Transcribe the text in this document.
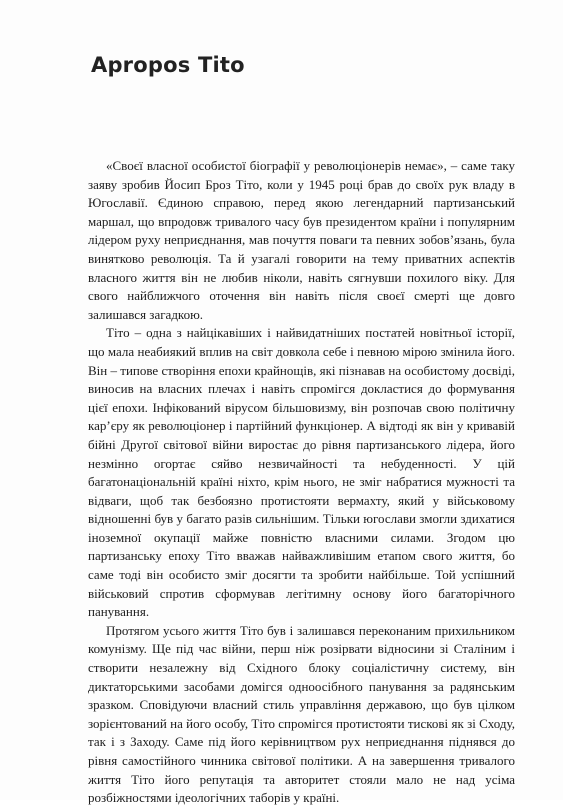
Apropos Tito

«Своєї власної особистої біографії у революціонерів немає», – саме таку заяву зробив Йосип Броз Тіто, коли у 1945 році брав до своїх рук владу в Югославії. Єдиною справою, перед якою легендарний партизанський маршал, що впродовж тривалого часу був президентом країни і популярним лідером руху неприєднання, мав почуття поваги та певних зобов’язань, була винятково революція. Та й узагалі говорити на тему приватних аспектів власного життя він не любив ніколи, навіть сягнувши похилого віку. Для свого найближчого оточення він навіть після своєї смерті ще довго залишався загадкою.

Тіто – одна з найцікавіших і найвидатніших постатей новітньої історії, що мала неабиякий вплив на світ довкола себе і певною мірою змінила його. Він – типове створіння епохи крайнощів, які пізнавав на особистому досвіді, виносив на власних плечах і навіть спромігся докластися до формування цієї епохи. Інфікований вірусом більшовизму, він розпочав свою політичну кар’єру як революціонер і партійний функціонер. А відтоді як він у кривавій бійні Другої світової війни виростає до рівня партизанського лідера, його незмінно огортає сяйво незвичайності та небуденності. У цій багатонаціональній країні ніхто, крім нього, не зміг набратися мужності та відваги, щоб так безбоязно протистояти вермахту, який у військовому відношенні був у багато разів сильнішим. Тільки югослави змогли здихатися іноземної окупації майже повністю власними силами. Згодом цю партизанську епоху Тіто вважав найважливішим етапом свого життя, бо саме тоді він особисто зміг досягти та зробити найбільше. Той успішний військовий спротив сформував легітимну основу його багаторічного панування.

Протягом усього життя Тіто був і залишався переконаним прихильником комунізму. Ще під час війни, перш ніж розірвати відносини зі Сталіним і створити незалежну від Східного блоку соціалістичну систему, він диктаторськими засобами домігся одноосібного панування за радянським зразком. Сповідуючи власний стиль управління державою, що був цілком зорієнтований на його особу, Тіто спромігся протистояти тискові як зі Сходу, так і з Заходу. Саме під його керівництвом рух неприєднання піднявся до рівня самостійного чинника світової політики. А на завершення тривалого життя Тіто його репутація та авторитет стояли мало не над усіма розбіжностями ідеологічних таборів у країні.
